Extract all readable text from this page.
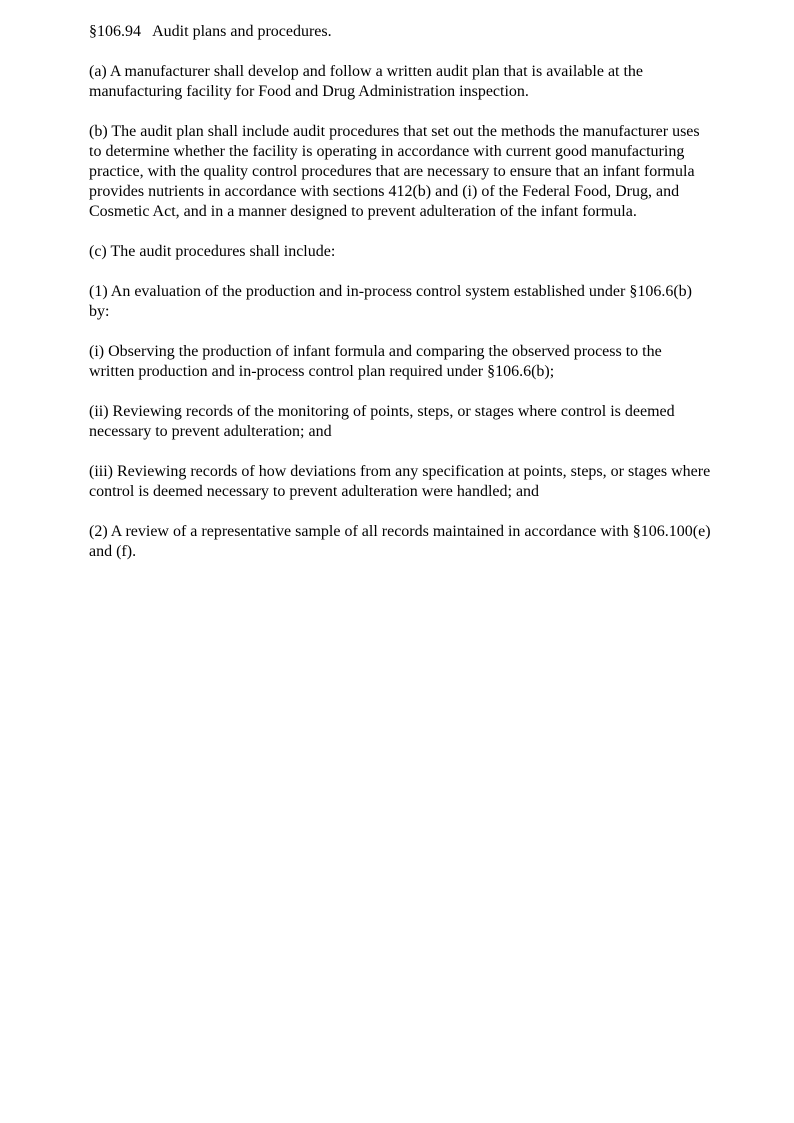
§106.94   Audit plans and procedures.

(a) A manufacturer shall develop and follow a written audit plan that is available at the manufacturing facility for Food and Drug Administration inspection.

(b) The audit plan shall include audit procedures that set out the methods the manufacturer uses to determine whether the facility is operating in accordance with current good manufacturing practice, with the quality control procedures that are necessary to ensure that an infant formula provides nutrients in accordance with sections 412(b) and (i) of the Federal Food, Drug, and Cosmetic Act, and in a manner designed to prevent adulteration of the infant formula.

(c) The audit procedures shall include:

(1) An evaluation of the production and in-process control system established under §106.6(b) by:

(i) Observing the production of infant formula and comparing the observed process to the written production and in-process control plan required under §106.6(b);

(ii) Reviewing records of the monitoring of points, steps, or stages where control is deemed necessary to prevent adulteration; and

(iii) Reviewing records of how deviations from any specification at points, steps, or stages where control is deemed necessary to prevent adulteration were handled; and

(2) A review of a representative sample of all records maintained in accordance with §106.100(e) and (f).
